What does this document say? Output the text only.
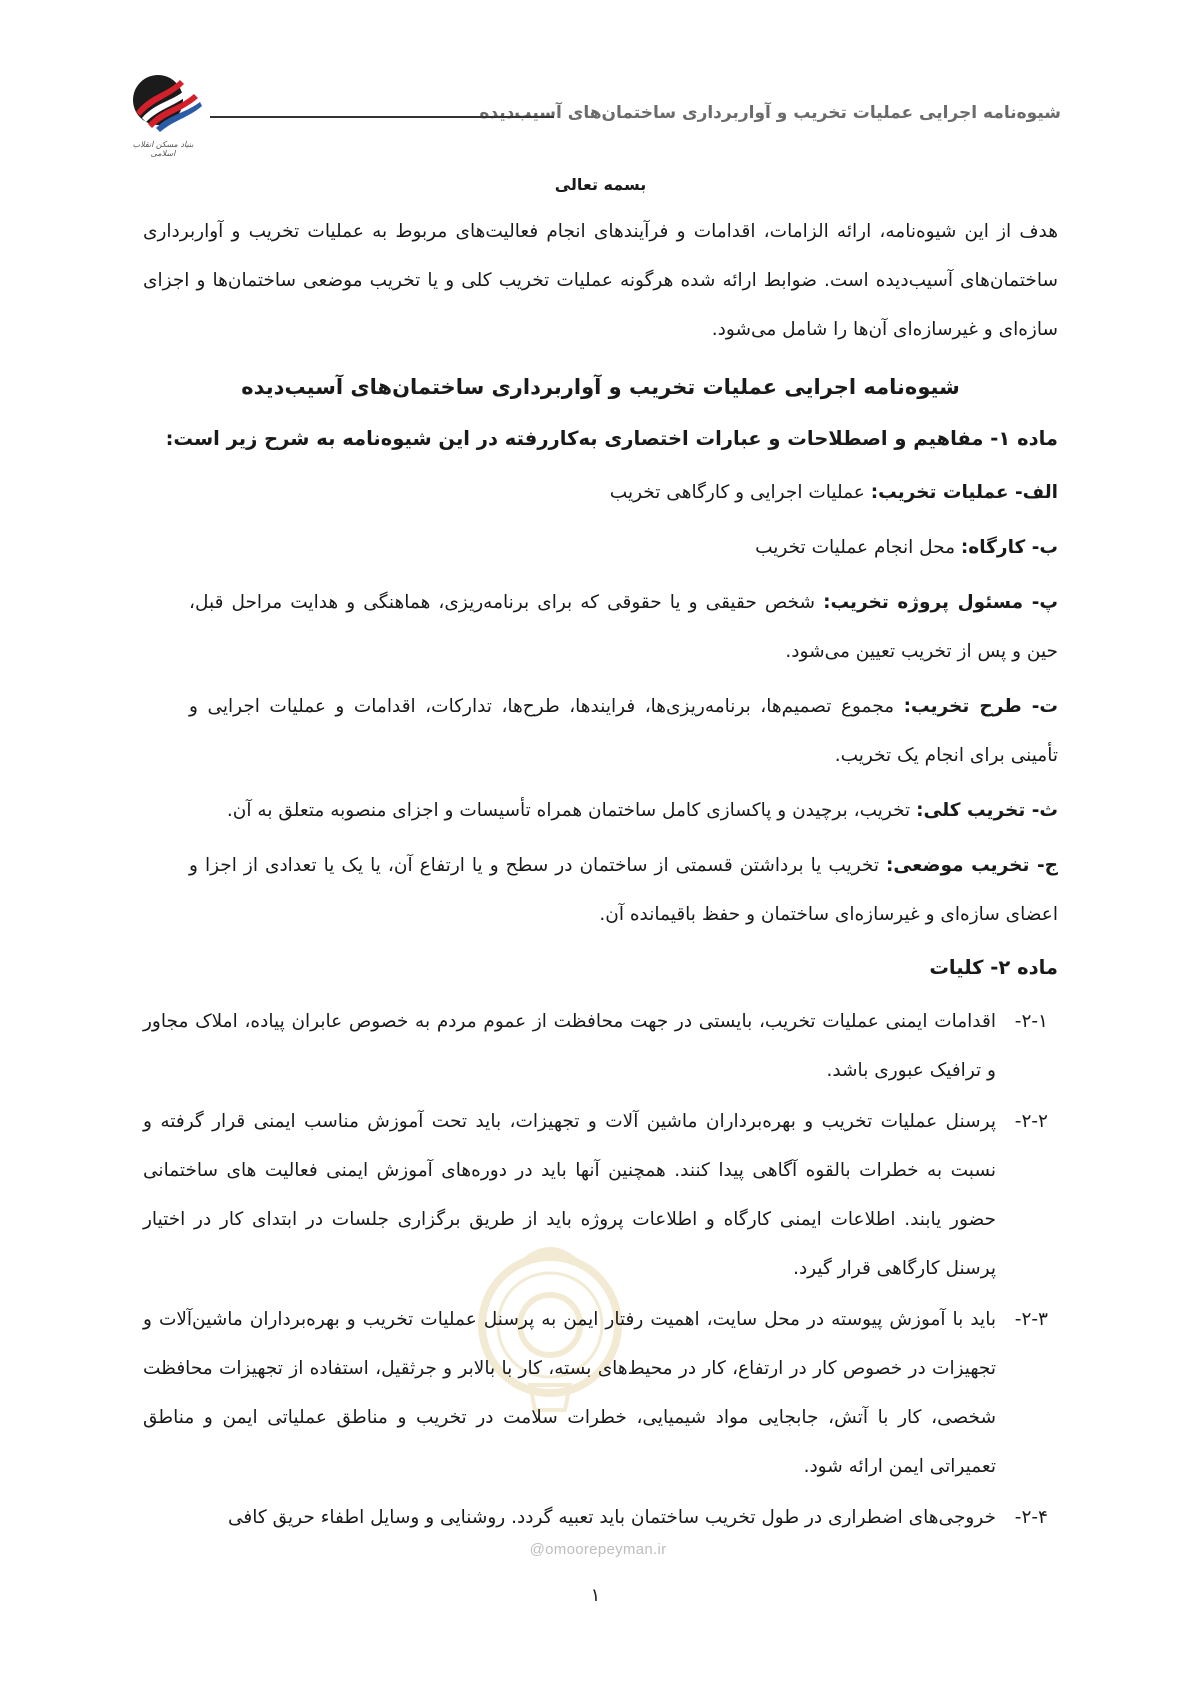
شیوه‌نامه اجرایی عملیات تخریب و آواربرداری ساختمان‌های آسیب‌دیده
بنیاد مسکن انقلاب اسلامی
@omoorepeyman.ir
بسمه تعالی

هدف از این شیوه‌نامه، ارائه الزامات، اقدامات و فرآیندهای انجام فعالیت‌های مربوط به عملیات تخریب و آواربرداری ساختمان‌های آسیب‌دیده است. ضوابط ارائه شده هرگونه عملیات تخریب کلی و یا تخریب موضعی ساختمان‌ها و اجزای سازه‌ای و غیرسازه‌ای آن‌ها را شامل می‌شود.

شیوه‌نامه اجرایی عملیات تخریب و آواربرداری ساختمان‌های آسیب‌دیده
ماده ۱- مفاهیم و اصطلاحات و عبارات اختصاری به‌کاررفته در این شیوه‌نامه به شرح زیر است:

الف- عملیات تخریب: عملیات اجرایی و کارگاهی تخریب

ب- کارگاه: محل انجام عملیات تخریب

پ- مسئول پروژه تخریب: شخص حقیقی و یا حقوقی که برای برنامه‌ریزی، هماهنگی و هدایت مراحل قبل، حین و پس از تخریب تعیین می‌شود.

ت- طرح تخریب: مجموع تصمیم‌ها، برنامه‌ریزی‌ها، فرایندها، طرح‌ها، تدارکات، اقدامات و عملیات اجرایی و تأمینی برای انجام یک تخریب.

ث- تخریب کلی: تخریب، برچیدن و پاکسازی کامل ساختمان همراه تأسیسات و اجزای منصوبه متعلق به آن.

ج- تخریب موضعی: تخریب یا برداشتن قسمتی از ساختمان در سطح و یا ارتفاع آن، یا یک یا تعدادی از اجزا و اعضای سازه‌ای و غیرسازه‌ای ساختمان و حفظ باقیمانده آن.

ماده ۲- کلیات
۲-۱-
اقدامات ایمنی عملیات تخریب، بایستی در جهت محافظت از عموم مردم به خصوص عابران پیاده، املاک مجاور و ترافیک عبوری باشد.
۲-۲-
پرسنل عملیات تخریب و بهره‌برداران ماشین آلات و تجهیزات، باید تحت آموزش مناسب ایمنی قرار گرفته و نسبت به خطرات بالقوه آگاهی پیدا کنند. همچنین آنها باید در دوره‌های آموزش ایمنی فعالیت های ساختمانی حضور یابند. اطلاعات ایمنی کارگاه و اطلاعات پروژه باید از طریق برگزاری جلسات در ابتدای کار در اختیار پرسنل کارگاهی قرار گیرد.
۲-۳-
باید با آموزش پیوسته در محل سایت، اهمیت رفتار ایمن به پرسنل عملیات تخریب و بهره‌برداران ماشین‌آلات و تجهیزات در خصوص کار در ارتفاع، کار در محیط‌های بسته، کار با بالابر و جرثقیل، استفاده از تجهیزات محافظت شخصی، کار با آتش، جابجایی مواد شیمیایی، خطرات سلامت در تخریب و مناطق عملیاتی ایمن و مناطق تعمیراتی ایمن ارائه شود.
۲-۴-
خروجی‌های اضطراری در طول تخریب ساختمان باید تعبیه گردد. روشنایی و وسایل اطفاء حریق کافی
۱
